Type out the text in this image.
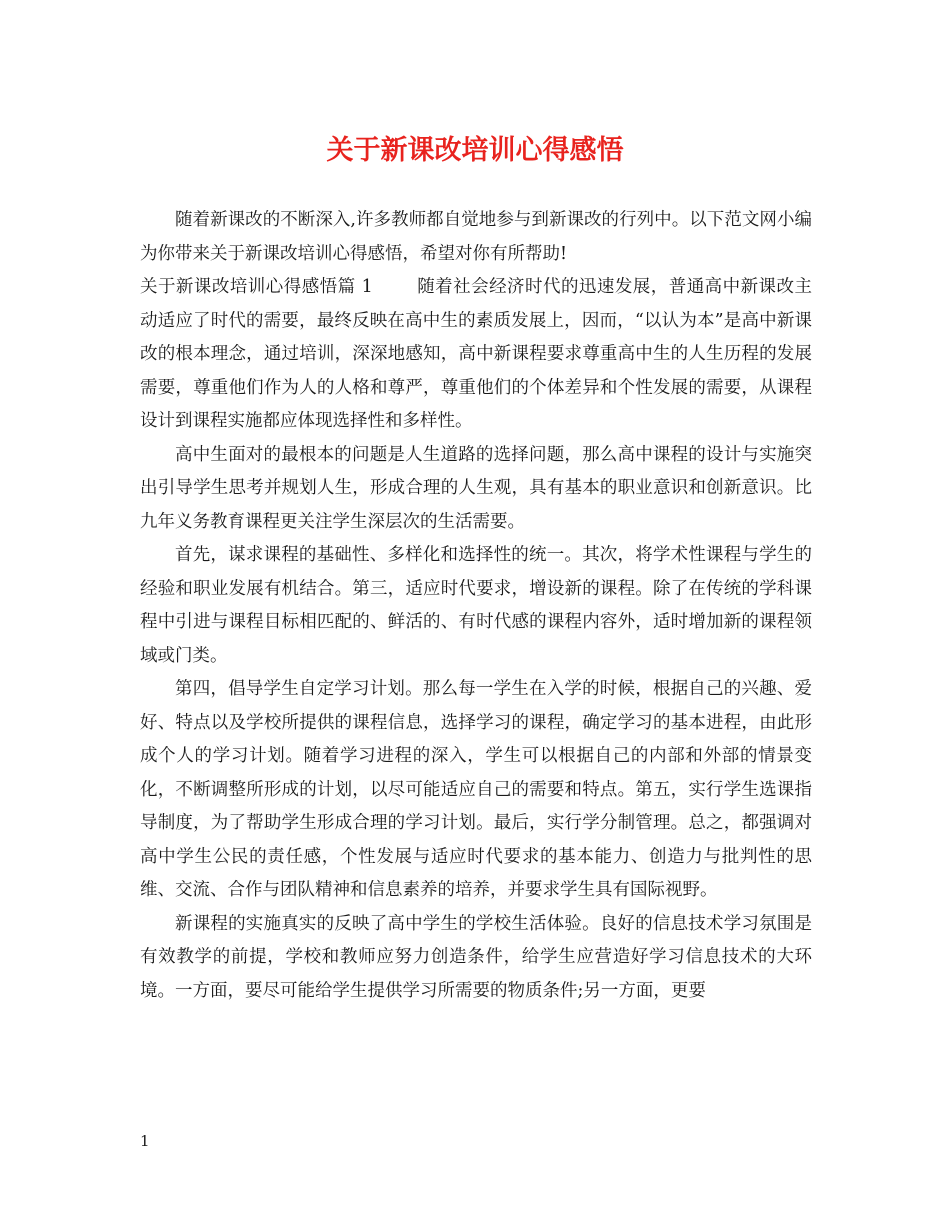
关于新课改培训心得感悟

随着新课改的不断深入,许多教师都自觉地参与到新课改的行列中。以下范文网小编为你带来关于新课改培训心得感悟，希望对你有所帮助!

关于新课改培训心得感悟篇 1	随着社会经济时代的迅速发展，普通高中新课改主动适应了时代的需要，最终反映在高中生的素质发展上，因而，“以认为本”是高中新课改的根本理念，通过培训，深深地感知，高中新课程要求尊重高中生的人生历程的发展需要，尊重他们作为人的人格和尊严，尊重他们的个体差异和个性发展的需要，从课程设计到课程实施都应体现选择性和多样性。

高中生面对的最根本的问题是人生道路的选择问题，那么高中课程的设计与实施突出引导学生思考并规划人生，形成合理的人生观，具有基本的职业意识和创新意识。比九年义务教育课程更关注学生深层次的生活需要。

首先，谋求课程的基础性、多样化和选择性的统一。其次，将学术性课程与学生的经验和职业发展有机结合。第三，适应时代要求，增设新的课程。除了在传统的学科课程中引进与课程目标相匹配的、鲜活的、有时代感的课程内容外，适时增加新的课程领域或门类。

第四，倡导学生自定学习计划。那么每一学生在入学的时候，根据自己的兴趣、爱好、特点以及学校所提供的课程信息，选择学习的课程，确定学习的基本进程，由此形成个人的学习计划。随着学习进程的深入，学生可以根据自己的内部和外部的情景变化，不断调整所形成的计划，以尽可能适应自己的需要和特点。第五，实行学生选课指导制度，为了帮助学生形成合理的学习计划。最后，实行学分制管理。总之，都强调对高中学生公民的责任感，个性发展与适应时代要求的基本能力、创造力与批判性的思维、交流、合作与团队精神和信息素养的培养，并要求学生具有国际视野。

新课程的实施真实的反映了高中学生的学校生活体验。良好的信息技术学习氛围是有效教学的前提，学校和教师应努力创造条件，给学生应营造好学习信息技术的大环境。一方面，要尽可能给学生提供学习所需要的物质条件;另一方面，更要

1
